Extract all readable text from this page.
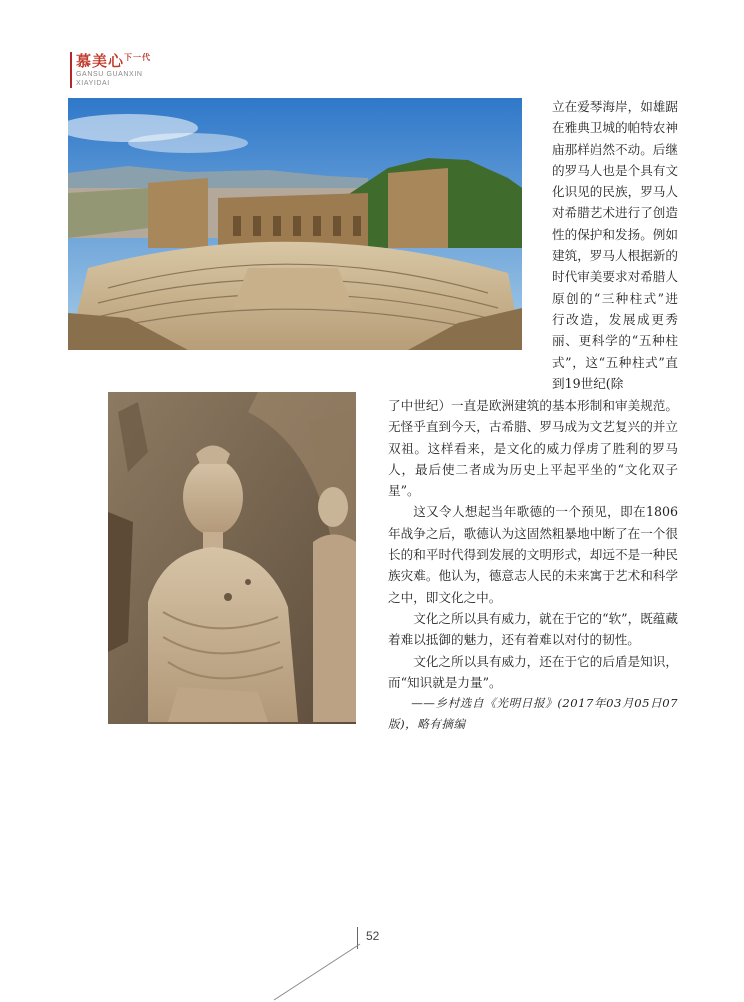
慕美心$^{下一代}$
GANSU GUANXIN
XIAYIDAI

立在爱琴海岸，如雄踞在雅典卫城的帕特农神庙那样岿然不动。后继的罗马人也是个具有文化识见的民族，罗马人对希腊艺术进行了创造性的保护和发扬。例如建筑，罗马人根据新的时代审美要求对希腊人原创的“三种柱式”进行改造，发展成更秀丽、更科学的“五种柱式”，这“五种柱式”直到19世纪(除

了中世纪）一直是欧洲建筑的基本形制和审美规范。无怪乎直到今天，古希腊、罗马成为文艺复兴的并立双祖。这样看来，是文化的威力俘虏了胜利的罗马人，最后使二者成为历史上平起平坐的“文化双子星”。

这又令人想起当年歌德的一个预见，即在1806年战争之后，歌德认为这固然粗暴地中断了在一个很长的和平时代得到发展的文明形式，却远不是一种民族灾难。他认为，德意志人民的未来寓于艺术和科学之中，即文化之中。

文化之所以具有威力，就在于它的“软”，既蕴藏着难以抵御的魅力，还有着难以对付的韧性。

文化之所以具有威力，还在于它的后盾是知识，而“知识就是力量”。

——乡村选自《光明日报》(2017年03月05日07版)，略有摘编

52
